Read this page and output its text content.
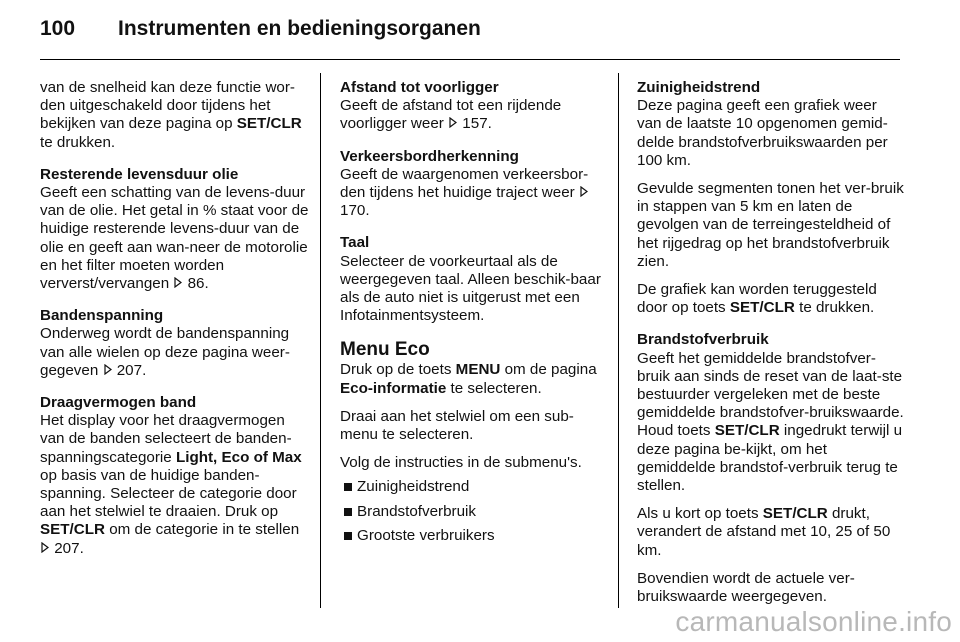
100 Instrumenten en bedieningsorganen

van de snelheid kan deze functie wor-den uitgeschakeld door tijdens het bekijken van deze pagina op SET/CLR te drukken.

Resterende levensduur olie
Geeft een schatting van de levens-duur van de olie. Het getal in % staat voor de huidige resterende levens-duur van de olie en geeft aan wan-neer de motorolie en het filter moeten worden ververst/vervangen  86.

Bandenspanning
Onderweg wordt de bandenspanning van alle wielen op deze pagina weer-gegeven  207.

Draagvermogen band
Het display voor het draagvermogen van de banden selecteert de banden-spanningscategorie Light, Eco of Max op basis van de huidige banden-spanning. Selecteer de categorie door aan het stelwiel te draaien. Druk op SET/CLR om de categorie in te stellen  207.

Afstand tot voorligger
Geeft de afstand tot een rijdende voorligger weer  157.

Verkeersbordherkenning
Geeft de waargenomen verkeersbor-den tijdens het huidige traject weer  170.

Taal
Selecteer de voorkeurtaal als de weergegeven taal. Alleen beschik-baar als de auto niet is uitgerust met een Infotainmentsysteem.

Menu Eco
Druk op de toets MENU om de pagina Eco-informatie te selecteren.

Draai aan het stelwiel om een sub-menu te selecteren.

Volg de instructies in de submenu's.

Zuinigheidstrend
Brandstofverbruik
Grootste verbruikers

Zuinigheidstrend
Deze pagina geeft een grafiek weer van de laatste 10 opgenomen gemid-delde brandstofverbruikswaarden per 100 km.

Gevulde segmenten tonen het ver-bruik in stappen van 5 km en laten de gevolgen van de terreingesteldheid of het rijgedrag op het brandstofverbruik zien.

De grafiek kan worden teruggesteld door op toets SET/CLR te drukken.

Brandstofverbruik
Geeft het gemiddelde brandstofver-bruik aan sinds de reset van de laat-ste bestuurder vergeleken met de beste gemiddelde brandstofver-bruikswaarde. Houd toets SET/CLR ingedrukt terwijl u deze pagina be-kijkt, om het gemiddelde brandstof-verbruik terug te stellen.

Als u kort op toets SET/CLR drukt, verandert de afstand met 10, 25 of 50 km.

Bovendien wordt de actuele ver-bruikswaarde weergegeven.

carmanualsonline.info
